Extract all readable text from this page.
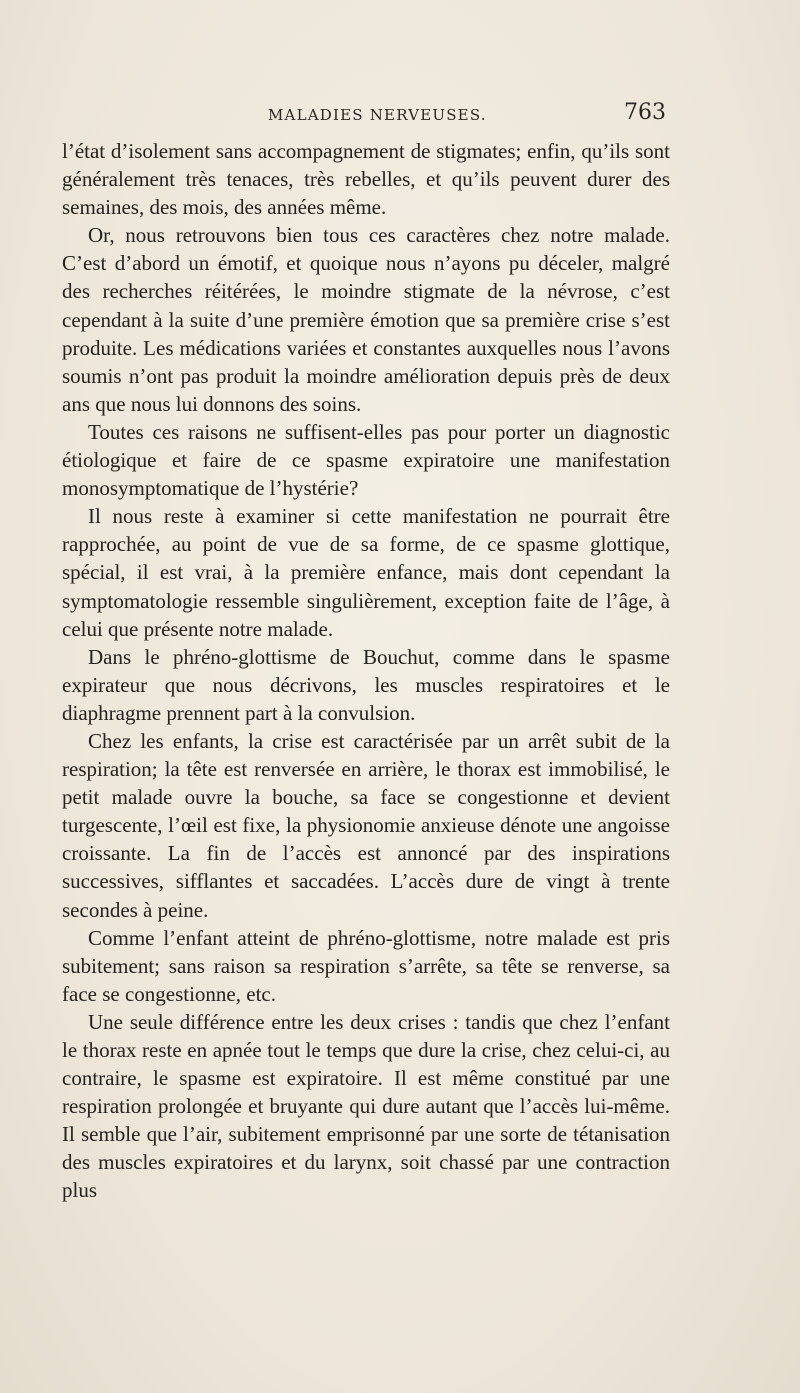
MALADIES NERVEUSES.	763

l’état d’isolement sans accompagnement de stigmates; enfin, qu’ils sont généralement très tenaces, très rebelles, et qu’ils peuvent durer des semaines, des mois, des années même.

Or, nous retrouvons bien tous ces caractères chez notre malade. C’est d’abord un émotif, et quoique nous n’ayons pu déceler, malgré des recherches réitérées, le moindre stigmate de la névrose, c’est cependant à la suite d’une première émotion que sa première crise s’est produite. Les médications variées et constantes auxquelles nous l’avons soumis n’ont pas produit la moindre amélioration depuis près de deux ans que nous lui donnons des soins.

Toutes ces raisons ne suffisent-elles pas pour porter un diagnostic étiologique et faire de ce spasme expiratoire une manifestation monosymptomatique de l’hystérie?

Il nous reste à examiner si cette manifestation ne pourrait être rapprochée, au point de vue de sa forme, de ce spasme glottique, spécial, il est vrai, à la première enfance, mais dont cependant la symptomatologie ressemble singulièrement, exception faite de l’âge, à celui que présente notre malade.

Dans le phréno-glottisme de Bouchut, comme dans le spasme expirateur que nous décrivons, les muscles respiratoires et le diaphragme prennent part à la convulsion.

Chez les enfants, la crise est caractérisée par un arrêt subit de la respiration; la tête est renversée en arrière, le thorax est immobilisé, le petit malade ouvre la bouche, sa face se congestionne et devient turgescente, l’œil est fixe, la physionomie anxieuse dénote une angoisse croissante. La fin de l’accès est annoncé par des inspirations successives, sifflantes et saccadées. L’accès dure de vingt à trente secondes à peine.

Comme l’enfant atteint de phréno-glottisme, notre malade est pris subitement; sans raison sa respiration s’arrête, sa tête se renverse, sa face se congestionne, etc.

Une seule différence entre les deux crises : tandis que chez l’enfant le thorax reste en apnée tout le temps que dure la crise, chez celui-ci, au contraire, le spasme est expiratoire. Il est même constitué par une respiration prolongée et bruyante qui dure autant que l’accès lui-même. Il semble que l’air, subitement emprisonné par une sorte de tétanisation des muscles expiratoires et du larynx, soit chassé par une contraction plus
